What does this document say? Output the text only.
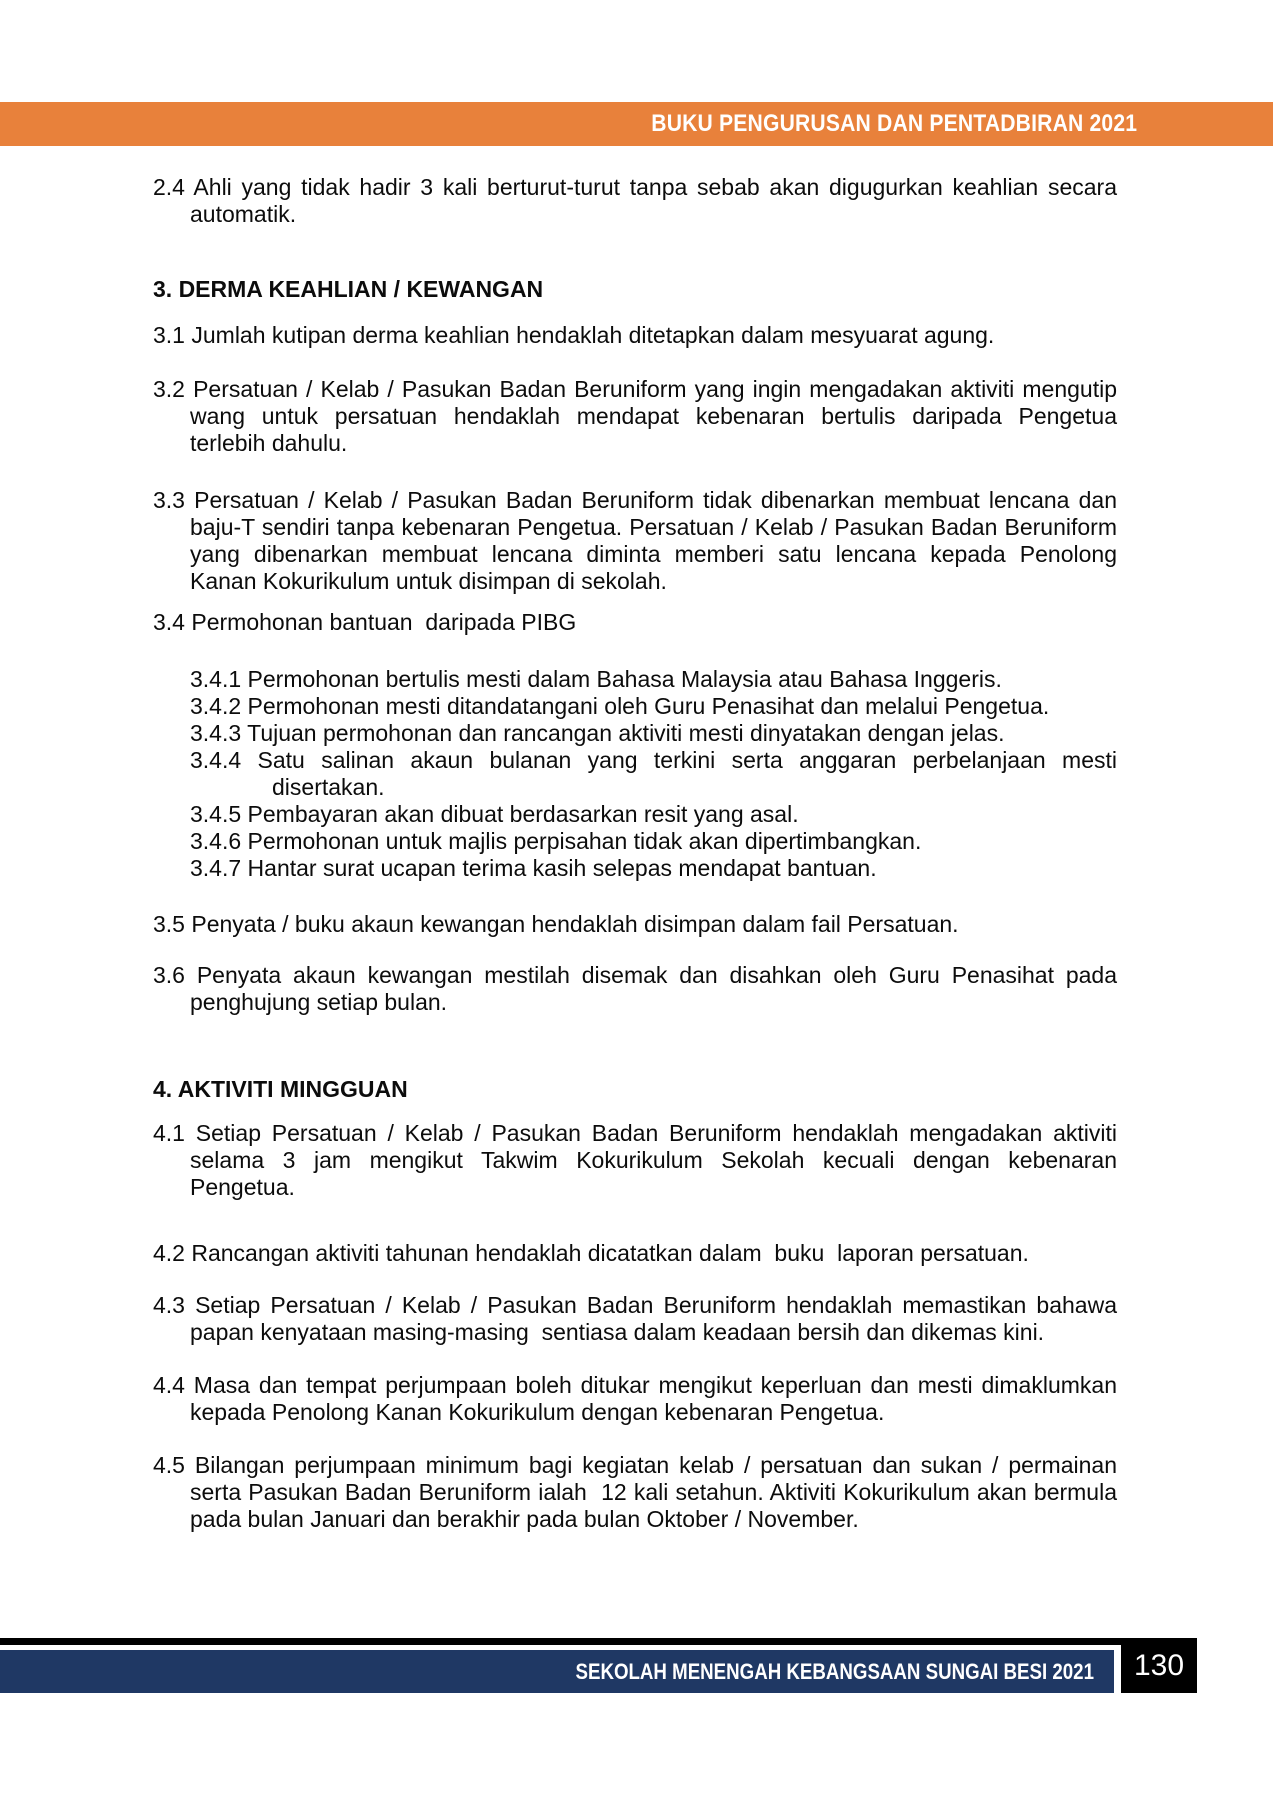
BUKU PENGURUSAN DAN PENTADBIRAN 2021
2.4 Ahli yang tidak hadir 3 kali berturut-turut tanpa sebab akan digugurkan keahlian secara
automatik.
3. DERMA KEAHLIAN / KEWANGAN
3.1 Jumlah kutipan derma keahlian hendaklah ditetapkan dalam mesyuarat agung.
3.2 Persatuan / Kelab / Pasukan Badan Beruniform yang ingin mengadakan aktiviti mengutip
wang untuk persatuan hendaklah mendapat kebenaran bertulis daripada Pengetua
terlebih dahulu.
3.3 Persatuan / Kelab / Pasukan Badan Beruniform tidak dibenarkan membuat lencana dan
baju-T sendiri tanpa kebenaran Pengetua. Persatuan / Kelab / Pasukan Badan Beruniform
yang dibenarkan membuat lencana diminta memberi satu lencana kepada Penolong
Kanan Kokurikulum untuk disimpan di sekolah.
3.4 Permohonan bantuan  daripada PIBG
3.4.1 Permohonan bertulis mesti dalam Bahasa Malaysia atau Bahasa Inggeris.
3.4.2 Permohonan mesti ditandatangani oleh Guru Penasihat dan melalui Pengetua.
3.4.3 Tujuan permohonan dan rancangan aktiviti mesti dinyatakan dengan jelas.
3.4.4 Satu salinan akaun bulanan yang terkini serta anggaran perbelanjaan mesti
disertakan.
3.4.5 Pembayaran akan dibuat berdasarkan resit yang asal.
3.4.6 Permohonan untuk majlis perpisahan tidak akan dipertimbangkan.
3.4.7 Hantar surat ucapan terima kasih selepas mendapat bantuan.
3.5 Penyata / buku akaun kewangan hendaklah disimpan dalam fail Persatuan.
3.6 Penyata akaun kewangan mestilah disemak dan disahkan oleh Guru Penasihat pada
penghujung setiap bulan.
4. AKTIVITI MINGGUAN
4.1 Setiap Persatuan / Kelab / Pasukan Badan Beruniform hendaklah mengadakan aktiviti
selama 3 jam mengikut Takwim Kokurikulum Sekolah kecuali dengan kebenaran
Pengetua.
4.2 Rancangan aktiviti tahunan hendaklah dicatatkan dalam  buku  laporan persatuan.
4.3 Setiap Persatuan / Kelab / Pasukan Badan Beruniform hendaklah memastikan bahawa
papan kenyataan masing-masing  sentiasa dalam keadaan bersih dan dikemas kini.
4.4 Masa dan tempat perjumpaan boleh ditukar mengikut keperluan dan mesti dimaklumkan
kepada Penolong Kanan Kokurikulum dengan kebenaran Pengetua.
4.5 Bilangan perjumpaan minimum bagi kegiatan kelab / persatuan dan sukan / permainan
serta Pasukan Badan Beruniform ialah  12 kali setahun. Aktiviti Kokurikulum akan bermula
pada bulan Januari dan berakhir pada bulan Oktober / November.
SEKOLAH MENENGAH KEBANGSAAN SUNGAI BESI 2021 130
